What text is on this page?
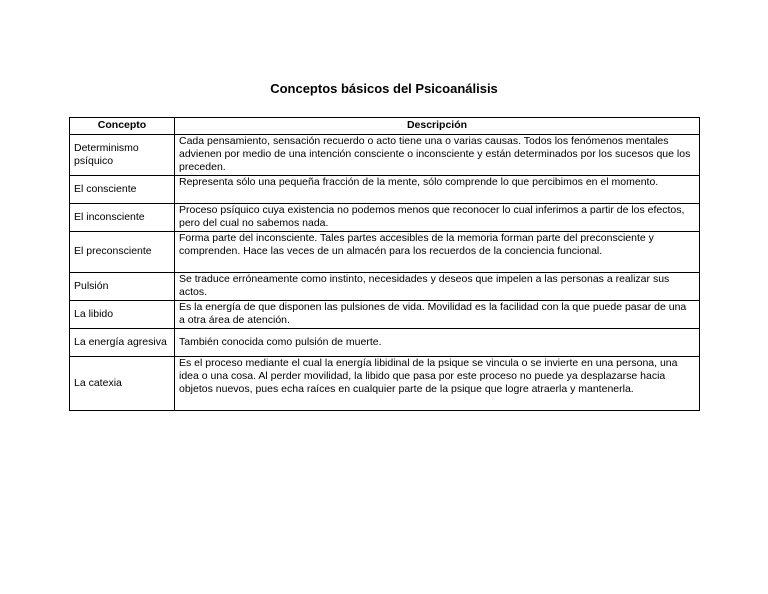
Conceptos básicos del Psicoanálisis
Concepto	Descripción
Determinismo psíquico	Cada pensamiento, sensación recuerdo o acto tiene una o varias causas. Todos los fenómenos mentales advienen por medio de una intención consciente o inconsciente y están determinados por los sucesos que los preceden.
El consciente	Representa sólo una pequeña fracción de la mente, sólo comprende lo que percibimos en el momento.
El inconsciente	Proceso psíquico cuya existencia no podemos menos que reconocer lo cual inferimos a partir de los efectos, pero del cual no sabemos nada.
El preconsciente	Forma parte del inconsciente. Tales partes accesibles de la memoria forman parte del preconsciente y comprenden. Hace las veces de un almacén para los recuerdos de la conciencia funcional.
Pulsión	Se traduce erróneamente como instinto, necesidades y deseos que impelen a las personas a realizar sus actos.
La libido	Es la energía de que disponen las pulsiones de vida. Movilidad es la facilidad con la que puede pasar de una a otra área de atención.
La energía agresiva	También conocida como pulsión de muerte.
La catexia	Es el proceso mediante el cual la energía libidinal de la psique se vincula o se invierte en una persona, una idea o una cosa. Al perder movilidad, la libido que pasa por este proceso no puede ya desplazarse hacia objetos nuevos, pues echa raíces en cualquier parte de la psique que logre atraerla y mantenerla.
